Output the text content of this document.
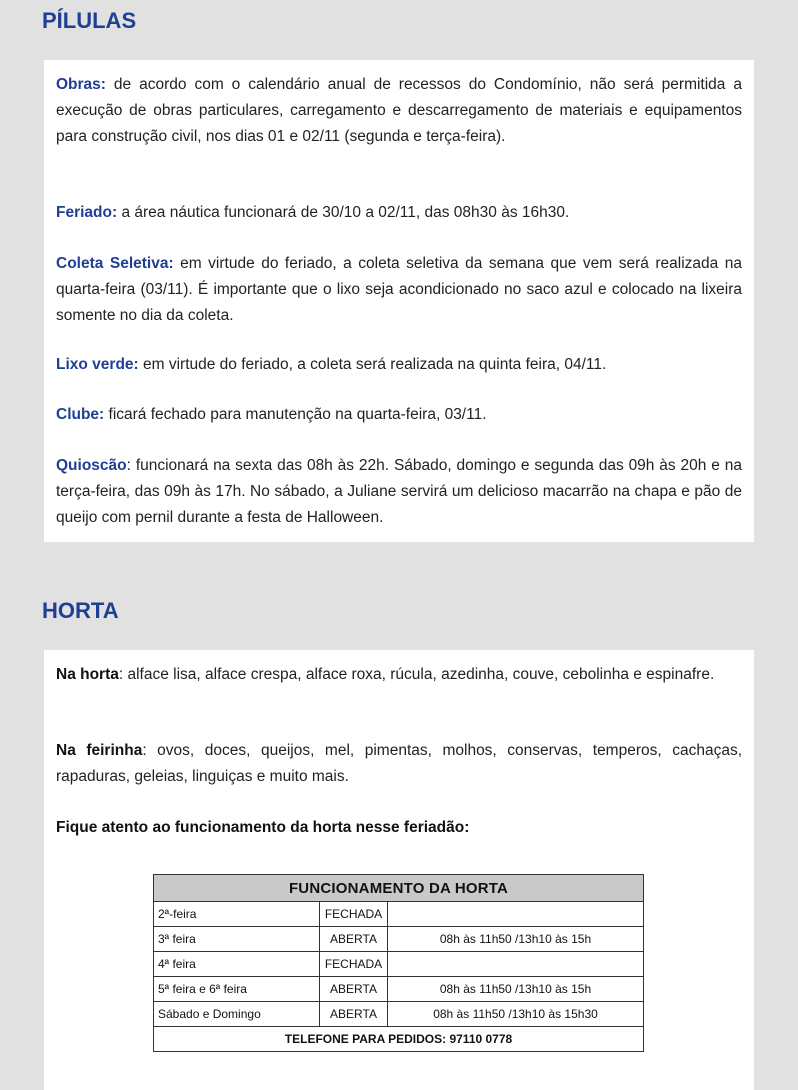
PÍLULAS

Obras: de acordo com o calendário anual de recessos do Condomínio, não será permitida a execução de obras particulares, carregamento e descarregamento de materiais e equipamentos para construção civil, nos dias 01 e 02/11 (segunda e terça-feira).

Feriado: a área náutica funcionará de 30/10 a 02/11, das 08h30 às 16h30.

Coleta Seletiva: em virtude do feriado, a coleta seletiva da semana que vem será realizada na quarta-feira (03/11). É importante que o lixo seja acondicionado no saco azul e colocado na lixeira somente no dia da coleta.

Lixo verde: em virtude do feriado, a coleta será realizada na quinta feira, 04/11.

Clube: ficará fechado para manutenção na quarta-feira, 03/11.

Quioscão: funcionará na sexta das 08h às 22h. Sábado, domingo e segunda das 09h às 20h e na terça-feira, das 09h às 17h. No sábado, a Juliane servirá um delicioso macarrão na chapa e pão de queijo com pernil durante a festa de Halloween.

HORTA

Na horta: alface lisa, alface crespa, alface roxa, rúcula, azedinha, couve, cebolinha e espinafre.

Na feirinha: ovos, doces, queijos, mel, pimentas, molhos, conservas, temperos, cachaças, rapaduras, geleias, linguiças e muito mais.

Fique atento ao funcionamento da horta nesse feriadão:

FUNCIONAMENTO DA HORTA		
2ª-feira	FECHADA	
3ª feira	ABERTA	08h às 11h50 /13h10 às 15h
4ª feira	FECHADA	
5ª feira e 6ª feira	ABERTA	08h às 11h50 /13h10 às 15h
Sábado e Domingo	ABERTA	08h às 11h50 /13h10 às 15h30
TELEFONE PARA PEDIDOS: 97110 0778		
